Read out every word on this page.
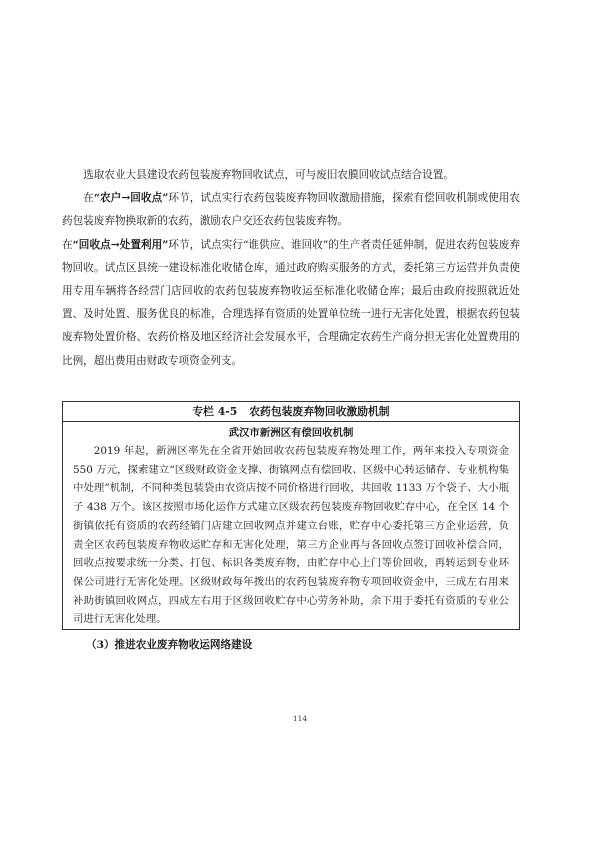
选取农业大县建设农药包装废弃物回收试点，可与废旧农膜回收试点结合设置。

在“农户→回收点”环节，试点实行农药包装废弃物回收激励措施，探索有偿回收机制或使用农药包装废弃物换取新的农药，激励农户交还农药包装废弃物。

在“回收点→处置利用”环节，试点实行“谁供应、谁回收”的生产者责任延伸制，促进农药包装废弃物回收。试点区县统一建设标准化收储仓库，通过政府购买服务的方式，委托第三方运营并负责使用专用车辆将各经营门店回收的农药包装废弃物收运至标准化收储仓库；最后由政府按照就近处置、及时处置、服务优良的标准，合理选择有资质的处置单位统一进行无害化处置，根据农药包装废弃物处置价格、农药价格及地区经济社会发展水平，合理确定农药生产商分担无害化处置费用的比例，超出费用由财政专项资金列支。

专栏 4-5 农药包装废弃物回收激励机制
武汉市新洲区有偿回收机制

2019 年起，新洲区率先在全省开始回收农药包装废弃物处理工作，两年来投入专项资金 550 万元，探索建立“区级财政资金支撑、街镇网点有偿回收、区级中心转运储存、专业机构集中处理”机制，不同种类包装袋由农资店按不同价格进行回收，共回收 1133 万个袋子、大小瓶子 438 万个。该区按照市场化运作方式建立区级农药包装废弃物回收贮存中心，在全区 14 个街镇依托有资质的农药经销门店建立回收网点并建立台账，贮存中心委托第三方企业运营，负责全区农药包装废弃物收运贮存和无害化处理，第三方企业再与各回收点签订回收补偿合同，回收点按要求统一分类、打包、标识各类废弃物，由贮存中心上门等价回收，再转运到专业环保公司进行无害化处理。区级财政每年拨出的农药包装废弃物专项回收资金中，三成左右用来补助街镇回收网点，四成左右用于区级回收贮存中心劳务补助，余下用于委托有资质的专业公司进行无害化处理。

（3）推进农业废弃物收运网络建设

114
